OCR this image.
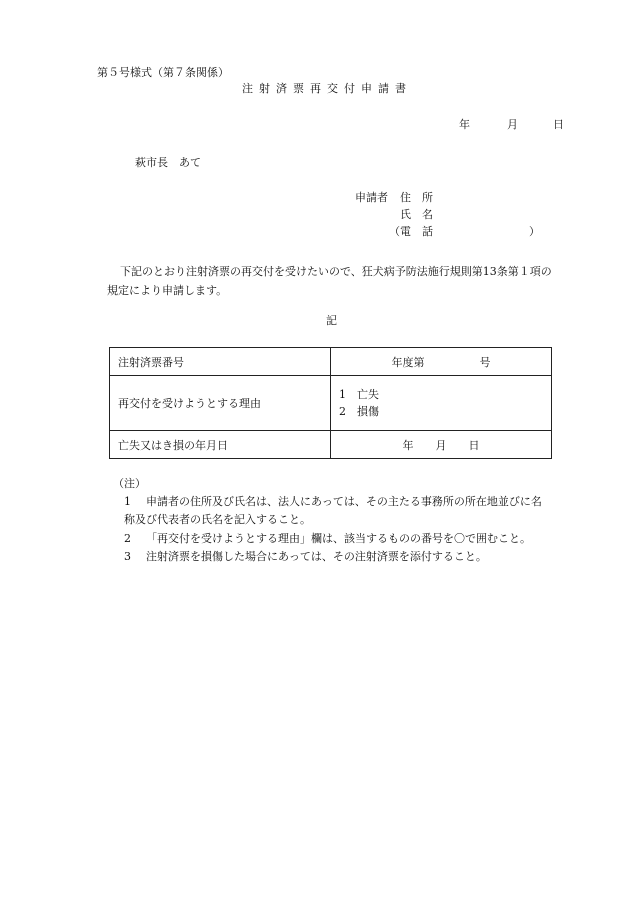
第５号様式（第７条関係）
注射済票再交付申請書
年	月	日
萩市長　あて
申請者 住　所
氏　名
（電　話	）
下記のとおり注射済票の再交付を受けたいので、狂犬病予防法施行規則第13条第１項の規定により申請します。
記
注射済票番号	年度第　　　　　号
再交付を受けようとする理由	1　亡失
2　損傷

亡失又はき損の年月日	年　　月　　日
（注）
1 申請者の住所及び氏名は、法人にあっては、その主たる事務所の所在地並びに名
称及び代表者の氏名を記入すること。
2 「再交付を受けようとする理由」欄は、該当するものの番号を〇で囲むこと。
3 注射済票を損傷した場合にあっては、その注射済票を添付すること。
